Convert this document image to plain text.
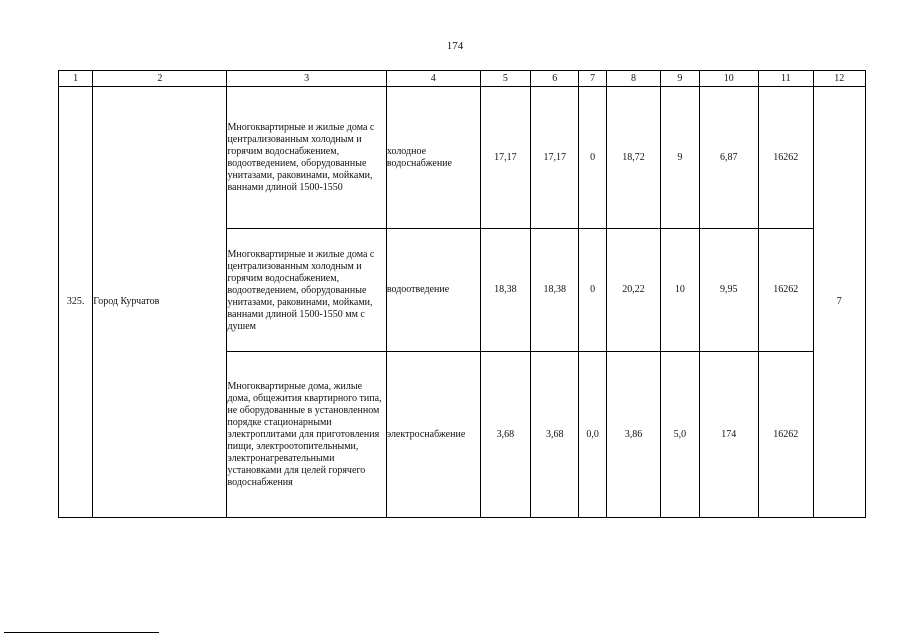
174
1	2	3	4	5	6	7	8	9	10	11	12
325.	Город Курчатов	Многоквартирные и жилые дома с централизованным холодным и горячим водоснабжением, водоотведением, оборудованные унитазами, раковинами, мойками, ваннами длиной 1500-1550	холодное водоснабжение	17,17	17,17	0	18,72	9	6,87	16262	7
		Многоквартирные и жилые дома с централизованным холодным и горячим водоснабжением, водоотведением, оборудованные унитазами, раковинами, мойками, ваннами длиной 1500-1550 мм с душем	водоотведение	18,38	18,38	0	20,22	10	9,95	16262	
		Многоквартирные дома, жилые дома, общежития квартирного типа, не оборудованные в установленном порядке стационарными электроплитами для приготовления пищи, электроотопительными, электронагревательными установками для целей горячего водоснабжения	электроснабжение	3,68	3,68	0,0	3,86	5,0	174	16262	
